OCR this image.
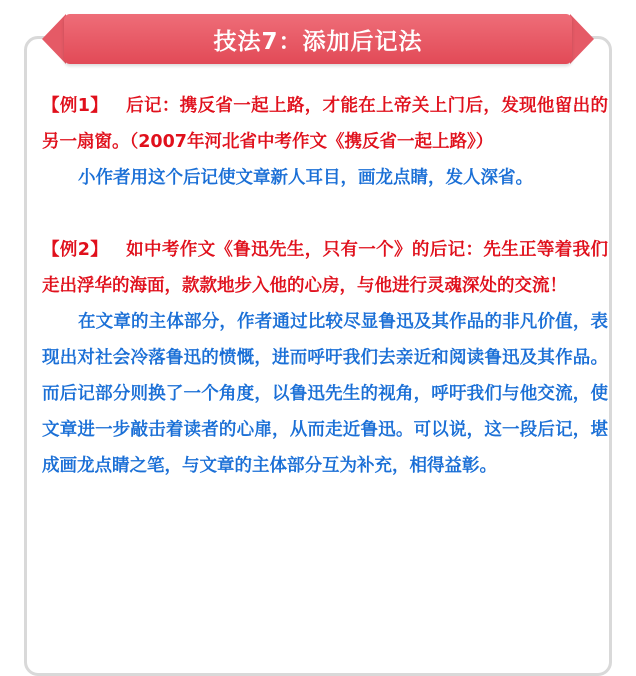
技法7：添加后记法

【例1】 后记：携反省一起上路，才能在上帝关上门后，发现他留出的另一扇窗。（2007年河北省中考作文《携反省一起上路》）

小作者用这个后记使文章新人耳目，画龙点睛，发人深省。

【例2】 如中考作文《鲁迅先生，只有一个》的后记：先生正等着我们走出浮华的海面，款款地步入他的心房，与他进行灵魂深处的交流！

在文章的主体部分，作者通过比较尽显鲁迅及其作品的非凡价值，表现出对社会冷落鲁迅的愤慨，进而呼吁我们去亲近和阅读鲁迅及其作品。而后记部分则换了一个角度，以鲁迅先生的视角，呼吁我们与他交流，使文章进一步敲击着读者的心扉，从而走近鲁迅。可以说，这一段后记，堪成画龙点睛之笔，与文章的主体部分互为补充，相得益彰。
